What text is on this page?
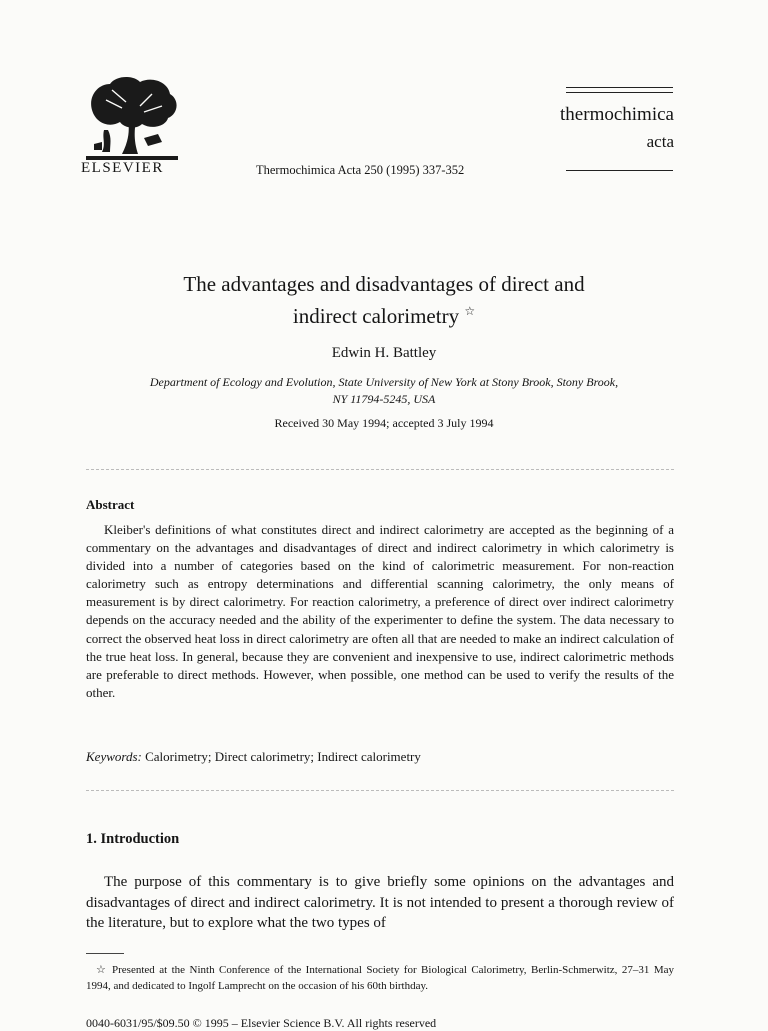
ELSEVIER	Thermochimica Acta 250 (1995) 337-352
thermochimica
acta
The advantages and disadvantages of direct and
indirect calorimetry ☆
Edwin H. Battley
Department of Ecology and Evolution, State University of New York at Stony Brook, Stony Brook,
NY 11794-5245, USA
Received 30 May 1994; accepted 3 July 1994
Abstract

Kleiber's definitions of what constitutes direct and indirect calorimetry are accepted as the beginning of a commentary on the advantages and disadvantages of direct and indirect calorimetry in which calorimetry is divided into a number of categories based on the kind of calorimetric measurement. For non-reaction calorimetry such as entropy determinations and differential scanning calorimetry, the only means of measurement is by direct calorimetry. For reaction calorimetry, a preference of direct over indirect calorimetry depends on the accuracy needed and the ability of the experimenter to define the system. The data necessary to correct the observed heat loss in direct calorimetry are often all that are needed to make an indirect calculation of the true heat loss. In general, because they are convenient and inexpensive to use, indirect calorimetric methods are preferable to direct methods. However, when possible, one method can be used to verify the results of the other.

Keywords: Calorimetry; Direct calorimetry; Indirect calorimetry
1. Introduction

The purpose of this commentary is to give briefly some opinions on the advantages and disadvantages of direct and indirect calorimetry. It is not intended to present a thorough review of the literature, but to explore what the two types of

☆ Presented at the Ninth Conference of the International Society for Biological Calorimetry, Berlin-Schmerwitz, 27–31 May 1994, and dedicated to Ingolf Lamprecht on the occasion of his 60th birthday.

0040-6031/95/$09.50 © 1995 – Elsevier Science B.V. All rights reserved
